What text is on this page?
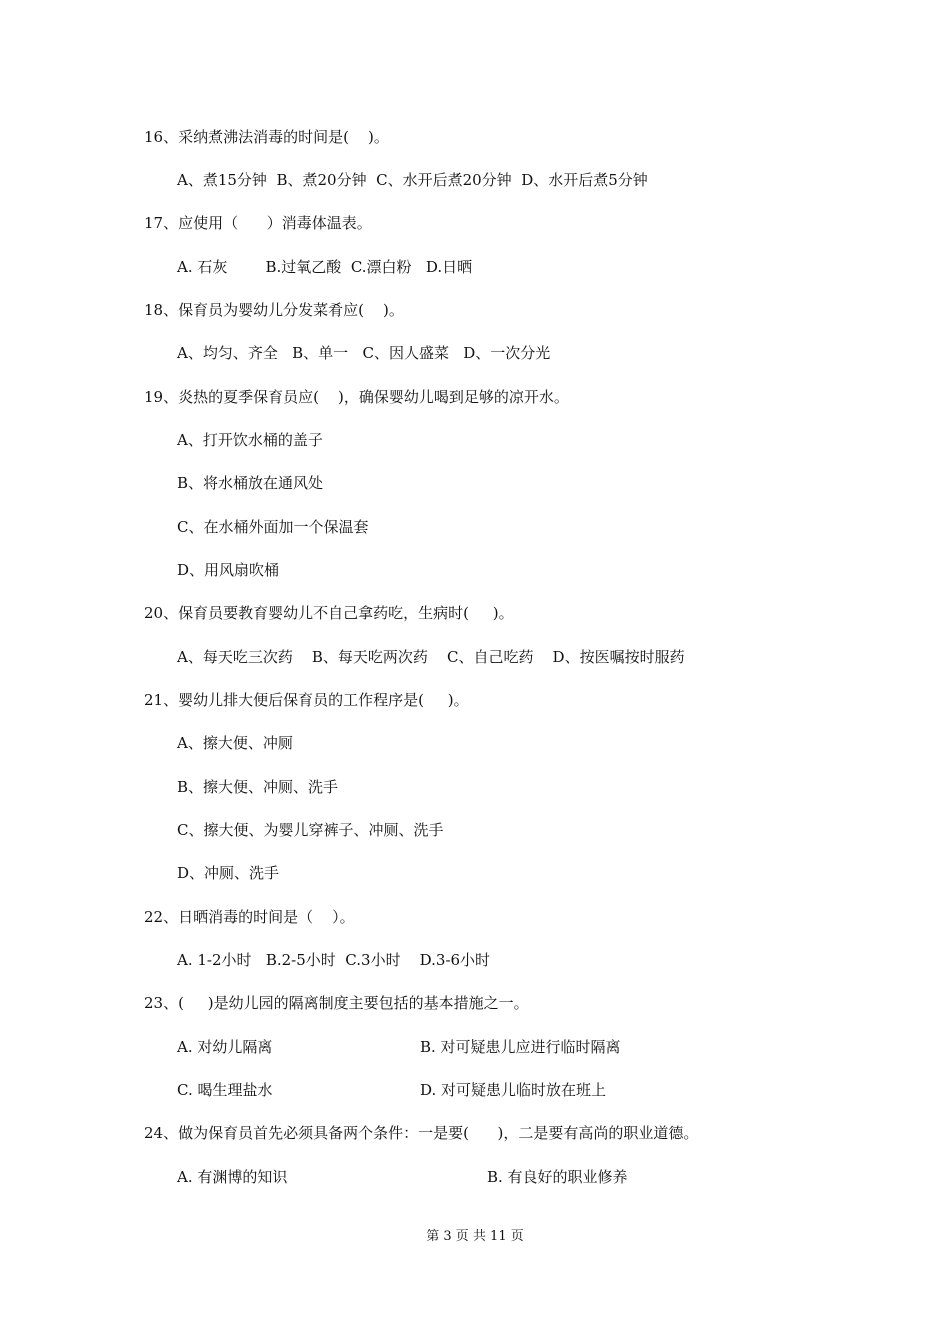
16、采纳煮沸法消毒的时间是(    )。
A、煮15分钟  B、煮20分钟  C、水开后煮20分钟  D、水开后煮5分钟
17、应使用（      ）消毒体温表。
A. 石灰        B.过氧乙酸  C.漂白粉   D.日晒
18、保育员为婴幼儿分发菜肴应(    )。
A、均匀、齐全   B、单一   C、因人盛菜   D、一次分光
19、炎热的夏季保育员应(    )，确保婴幼儿喝到足够的凉开水。
A、打开饮水桶的盖子
B、将水桶放在通风处
C、在水桶外面加一个保温套
D、用风扇吹桶
20、保育员要教育婴幼儿不自己拿药吃，生病时(     )。
A、每天吃三次药    B、每天吃两次药    C、自己吃药    D、按医嘱按时服药
21、婴幼儿排大便后保育员的工作程序是(     )。
A、擦大便、冲厕
B、擦大便、冲厕、洗手
C、擦大便、为婴儿穿裤子、冲厕、洗手
D、冲厕、洗手
22、日晒消毒的时间是（    ）。
A. 1-2小时   B.2-5小时  C.3小时    D.3-6小时
23、(     )是幼儿园的隔离制度主要包括的基本措施之一。
A. 对幼儿隔离	B. 对可疑患儿应进行临时隔离
C. 喝生理盐水	D. 对可疑患儿临时放在班上
24、做为保育员首先必须具备两个条件：一是要(      )，二是要有高尚的职业道德。
A. 有渊博的知识	B. 有良好的职业修养
第 3 页 共 11 页
